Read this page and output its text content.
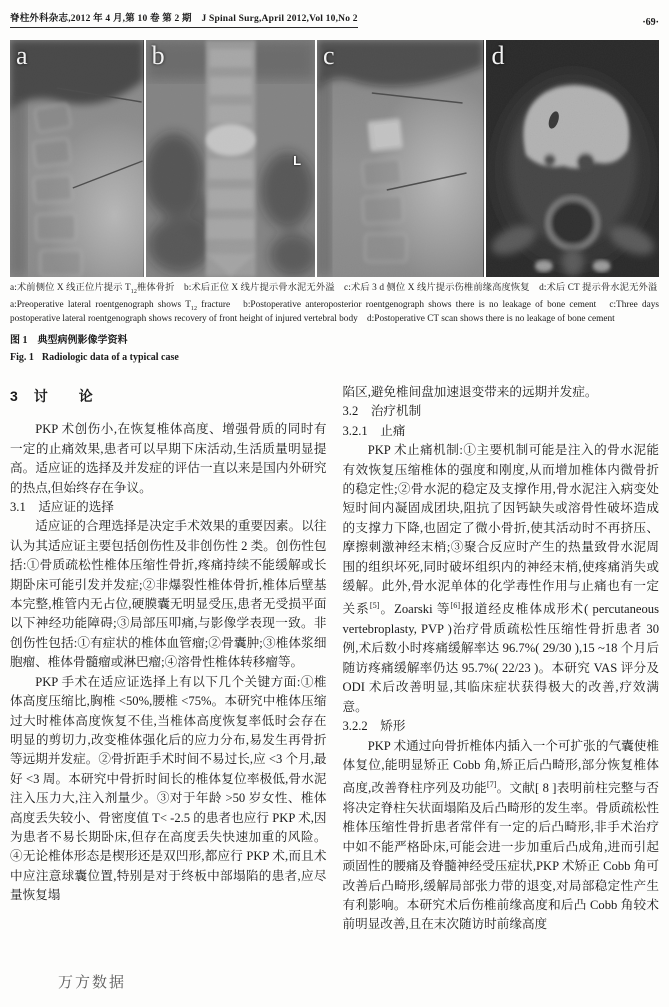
脊柱外科杂志,2012 年 4 月,第 10 卷 第 2 期　J Spinal Surg,April 2012,Vol 10,No 2	·69·
a	b
L
c	d
a:术前侧位 X 线正位片提示 $T_{12}$椎体骨折　b:术后正位 X 线片提示骨水泥无外溢　c:术后 3 d 侧位 X 线片提示伤椎前缘高度恢复　d:术后 CT 提示骨水泥无外溢
a:Preoperative lateral roentgenograph shows $T_{12}$ fracture　b:Postoperative anteroposterior roentgenograph shows there is no leakage of bone cement　c:Three days postoperative lateral roentgenograph shows recovery of front height of injured vertebral body　d:Postoperative CT scan shows there is no leakage of bone cement
图 1 典型病例影像学资料
Fig. 1 Radiologic data of a typical case
3　讨　　论

PKP 术创伤小,在恢复椎体高度、增强骨质的同时有一定的止痛效果,患者可以早期下床活动,生活质量明显提高。适应证的选择及并发症的评估一直以来是国内外研究的热点,但始终存在争议。

3.1　适应证的选择

适应证的合理选择是决定手术效果的重要因素。以往认为其适应证主要包括创伤性及非创伤性 2 类。创伤性包括:①骨质疏松性椎体压缩性骨折,疼痛持续不能缓解或长期卧床可能引发并发症;②非爆裂性椎体骨折,椎体后壁基本完整,椎管内无占位,硬膜囊无明显受压,患者无受损平面以下神经功能障碍;③局部压叩痛,与影像学表现一致。非创伤性包括:①有症状的椎体血管瘤;②骨囊肿;③椎体浆细胞瘤、椎体骨髓瘤或淋巴瘤;④溶骨性椎体转移瘤等。

PKP 手术在适应证选择上有以下几个关键方面:①椎体高度压缩比,胸椎 <50%,腰椎 <75%。本研究中椎体压缩过大时椎体高度恢复不佳,当椎体高度恢复率低时会存在明显的剪切力,改变椎体强化后的应力分布,易发生再骨折等远期并发症。②骨折距手术时间不易过长,应 <3 个月,最好 <3 周。本研究中骨折时间长的椎体复位率极低,骨水泥注入压力大,注入剂量少。③对于年龄 >50 岁女性、椎体高度丢失较小、骨密度值 T< -2.5 的患者也应行 PKP 术,因为患者不易长期卧床,但存在高度丢失快速加重的风险。④无论椎体形态是楔形还是双凹形,都应行 PKP 术,而且术中应注意球囊位置,特别是对于终板中部塌陷的患者,应尽量恢复塌

陷区,避免椎间盘加速退变带来的远期并发症。

3.2　治疗机制

3.2.1　止痛

PKP 术止痛机制:①主要机制可能是注入的骨水泥能有效恢复压缩椎体的强度和刚度,从而增加椎体内微骨折的稳定性;②骨水泥的稳定及支撑作用,骨水泥注入病变处短时间内凝固成团块,阻抗了因钙缺失或溶骨性破坏造成的支撑力下降,也固定了微小骨折,使其活动时不再挤压、摩擦刺激神经末梢;③聚合反应时产生的热量致骨水泥周围的组织坏死,同时破坏组织内的神经末梢,使疼痛消失或缓解。此外,骨水泥单体的化学毒性作用与止痛也有一定关系[5]。Zoarski 等[6]报道经皮椎体成形术( percutaneous vertebroplasty, PVP )治疗骨质疏松性压缩性骨折患者 30 例,术后数小时疼痛缓解率达 96.7%( 29/30 ),15 ~18 个月后随访疼痛缓解率仍达 95.7%( 22/23 )。本研究 VAS 评分及 ODI 术后改善明显,其临床症状获得极大的改善,疗效满意。

3.2.2　矫形

PKP 术通过向骨折椎体内插入一个可扩张的气囊使椎体复位,能明显矫正 Cobb 角,矫正后凸畸形,部分恢复椎体高度,改善脊柱序列及功能[7]。文献[ 8 ]表明前柱完整与否将决定脊柱矢状面塌陷及后凸畸形的发生率。骨质疏松性椎体压缩性骨折患者常伴有一定的后凸畸形,非手术治疗中如不能严格卧床,可能会进一步加重后凸成角,进而引起顽固性的腰痛及脊髓神经受压症状,PKP 术矫正 Cobb 角可改善后凸畸形,缓解局部张力带的退变,对局部稳定性产生有利影响。本研究术后伤椎前缘高度和后凸 Cobb 角较术前明显改善,且在末次随访时前缘高度

万方数据
